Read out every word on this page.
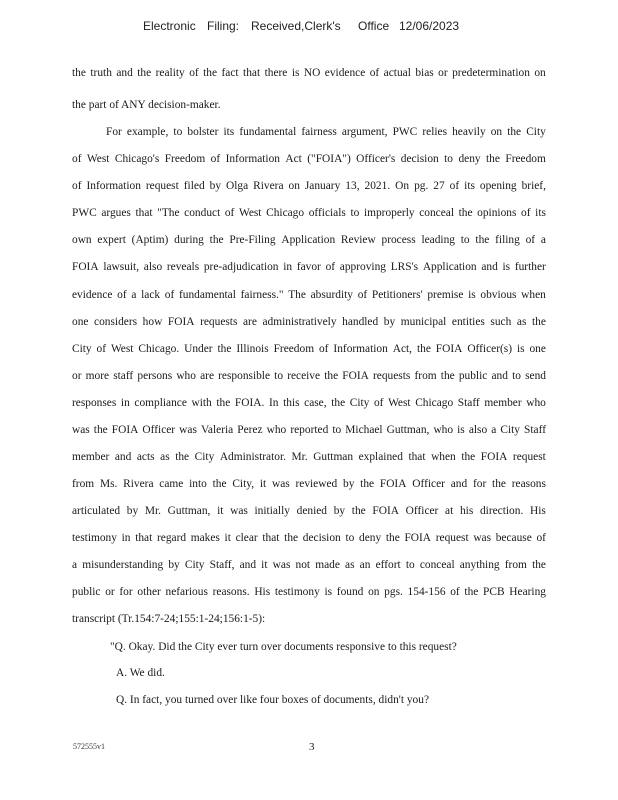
Electronic Filing: Received,Clerk's Office 12/06/2023
the truth and the reality of the fact that there is NO evidence of actual bias or predetermination on
the part of ANY decision-maker.
For example, to bolster its fundamental fairness argument, PWC relies heavily on the City
of West Chicago's Freedom of Information Act ("FOIA") Officer's decision to deny the Freedom
of Information request filed by Olga Rivera on January 13, 2021. On pg. 27 of its opening brief,
PWC argues that "The conduct of West Chicago officials to improperly conceal the opinions of its
own expert (Aptim) during the Pre-Filing Application Review process leading to the filing of a
FOIA lawsuit, also reveals pre-adjudication in favor of approving LRS's Application and is further
evidence of a lack of fundamental fairness." The absurdity of Petitioners' premise is obvious when
one considers how FOIA requests are administratively handled by municipal entities such as the
City of West Chicago. Under the Illinois Freedom of Information Act, the FOIA Officer(s) is one
or more staff persons who are responsible to receive the FOIA requests from the public and to send
responses in compliance with the FOIA. In this case, the City of West Chicago Staff member who
was the FOIA Officer was Valeria Perez who reported to Michael Guttman, who is also a City Staff
member and acts as the City Administrator. Mr. Guttman explained that when the FOIA request
from Ms. Rivera came into the City, it was reviewed by the FOIA Officer and for the reasons
articulated by Mr. Guttman, it was initially denied by the FOIA Officer at his direction. His
testimony in that regard makes it clear that the decision to deny the FOIA request was because of
a misunderstanding by City Staff, and it was not made as an effort to conceal anything from the
public or for other nefarious reasons. His testimony is found on pgs. 154-156 of the PCB Hearing
transcript (Tr.154:7-24;155:1-24;156:1-5):
"Q. Okay. Did the City ever turn over documents responsive to this request?
A. We did.
Q. In fact, you turned over like four boxes of documents, didn't you?
572555v1	3
